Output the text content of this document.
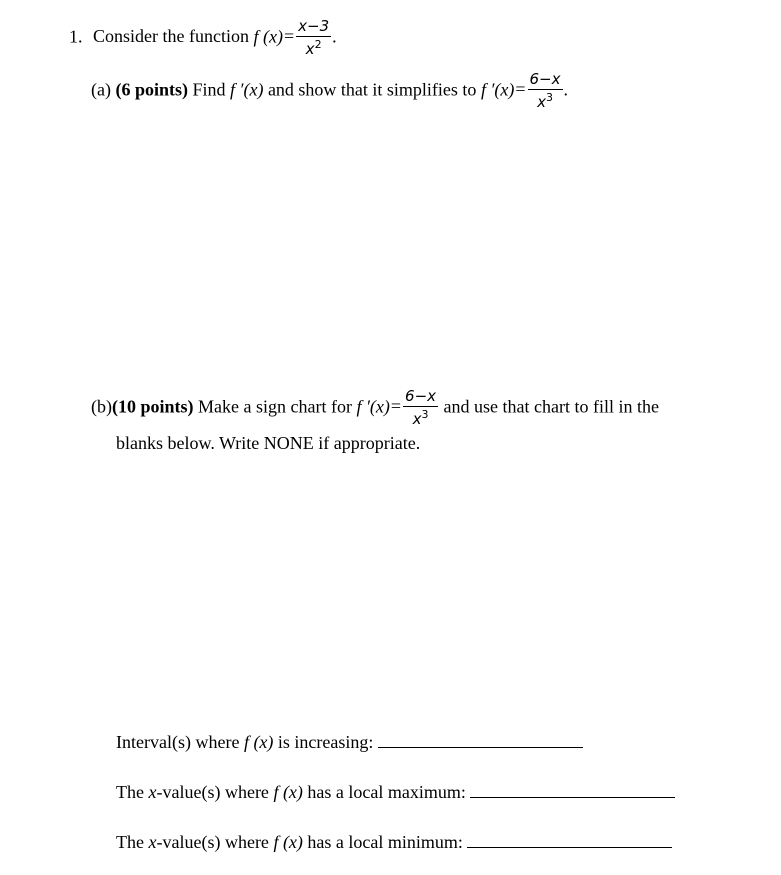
1. Consider the function f $(x)= \frac{x-3}{x^2}$ .
(a) (6 points) Find f ′(x) and show that it simplifies to f $'(x)= \frac{6-x}{x^3}$ .
(b)(10 points) Make a sign chart for f $'(x)= \frac{6-x}{x^3}$ and use that chart to fill in the
blanks below. Write NONE if appropriate.
Interval(s) where f (x) is increasing:
The x-value(s) where f (x) has a local maximum:
The x-value(s) where f (x) has a local minimum:
